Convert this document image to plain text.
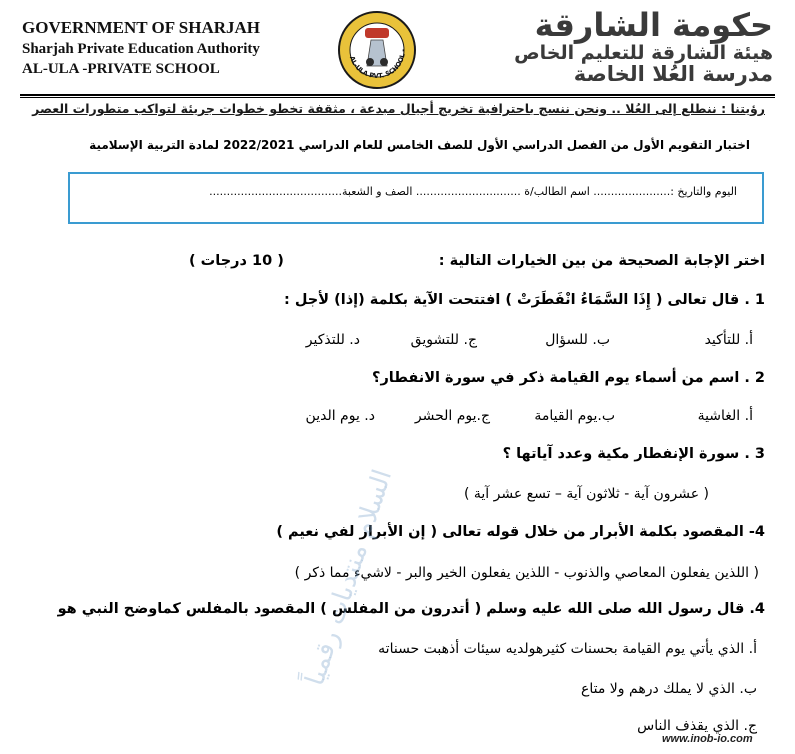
GOVERNMENT OF SHARJAH
Sharjah Private Education Authority
AL-ULA -PRIVATE SCHOOL
AL-ULA PVT. SCHOOL -
حكومة الشارقة
هيئة الشارقة للتعليم الخاص
مدرسة العُلا الخاصة
رؤيتنا : ننطلع إلى العُلا .. ونحن ننسج باحترافية تخريج أجيال مبدعة ، مثقفة تخطو خطوات جريئة لتواكب متطورات العصر
اختبار التقويم الأول من الفصل الدراسي الأول للصف الخامس للعام الدراسي 2022/2021 لمادة التربية الإسلامية
اليوم والتاريخ :...................... اسم الطالب/ة .............................. الصف و الشعبة......................................
اختر الإجابة الصحيحة من بين الخيارات التالية :
( 10 درجات )
1 . قال تعالى ( إِذَا السَّمَاءُ انْفَطَرَتْ ) افتتحت الآية بكلمة (إذا) لأجل :
أ. للتأكيد
ب. للسؤال
ج. للتشويق
د. للتذكير
2 . اسم من أسماء يوم القيامة ذكر في سورة الانفطار؟
أ. الغاشية
ب.يوم القيامة
ج.يوم الحشر
د. يوم الدين
3 . سورة الإنفطار مكية وعدد آياتها ؟
( عشرون آية - ثلاثون آية – تسع عشر آية )
4- المقصود بكلمة الأبرار من خلال قوله تعالى ( إن الأبرار لفي نعيم )
( اللذين يفعلون المعاصي والذنوب - اللذين يفعلون الخير والبر - لاشيء مما ذكر )
4. قال رسول الله صلى الله عليه وسلم ( أتدرون من المفلس ) المقصود بالمفلس كماوضح النبي هو
أ. الذي يأتي يوم القيامة بحسنات كثيرهولديه سيئات أذهبت حسناته
ب. الذي لا يملك درهم ولا متاع
ج. الذي يقذف الناس
السلام منتديات رقمياً
www.inob-io.com
